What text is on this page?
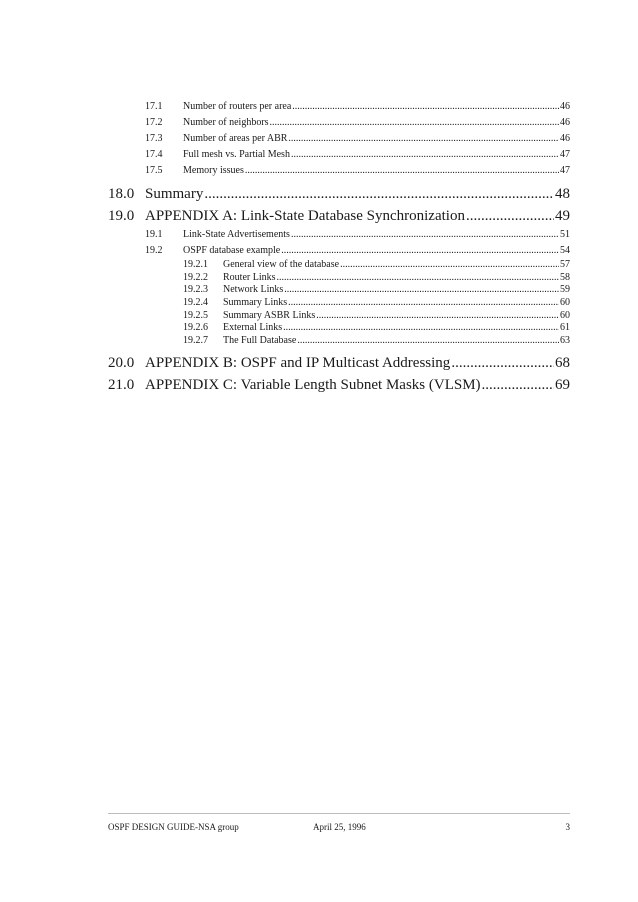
17.1	Number of routers per area .....	46
17.2	Number of neighbors .....	46
17.3	Number of areas per ABR .....	46
17.4	Full mesh vs. Partial Mesh .....	47
17.5	Memory issues .....	47
18.0 Summary .....	48
19.0 APPENDIX A: Link-State Database Synchronization .....	49
19.1	Link-State Advertisements .....	51
19.2	OSPF database example .....	54
19.2.1	General view of the database .....	57
19.2.2	Router Links .....	58
19.2.3	Network Links .....	59
19.2.4	Summary Links .....	60
19.2.5	Summary ASBR Links .....	60
19.2.6	External Links .....	61
19.2.7	The Full Database .....	63
20.0 APPENDIX B: OSPF and IP Multicast Addressing .....	68
21.0 APPENDIX C: Variable Length Subnet Masks (VLSM) .....	69
OSPF DESIGN GUIDE-NSA group	April 25, 1996	3
